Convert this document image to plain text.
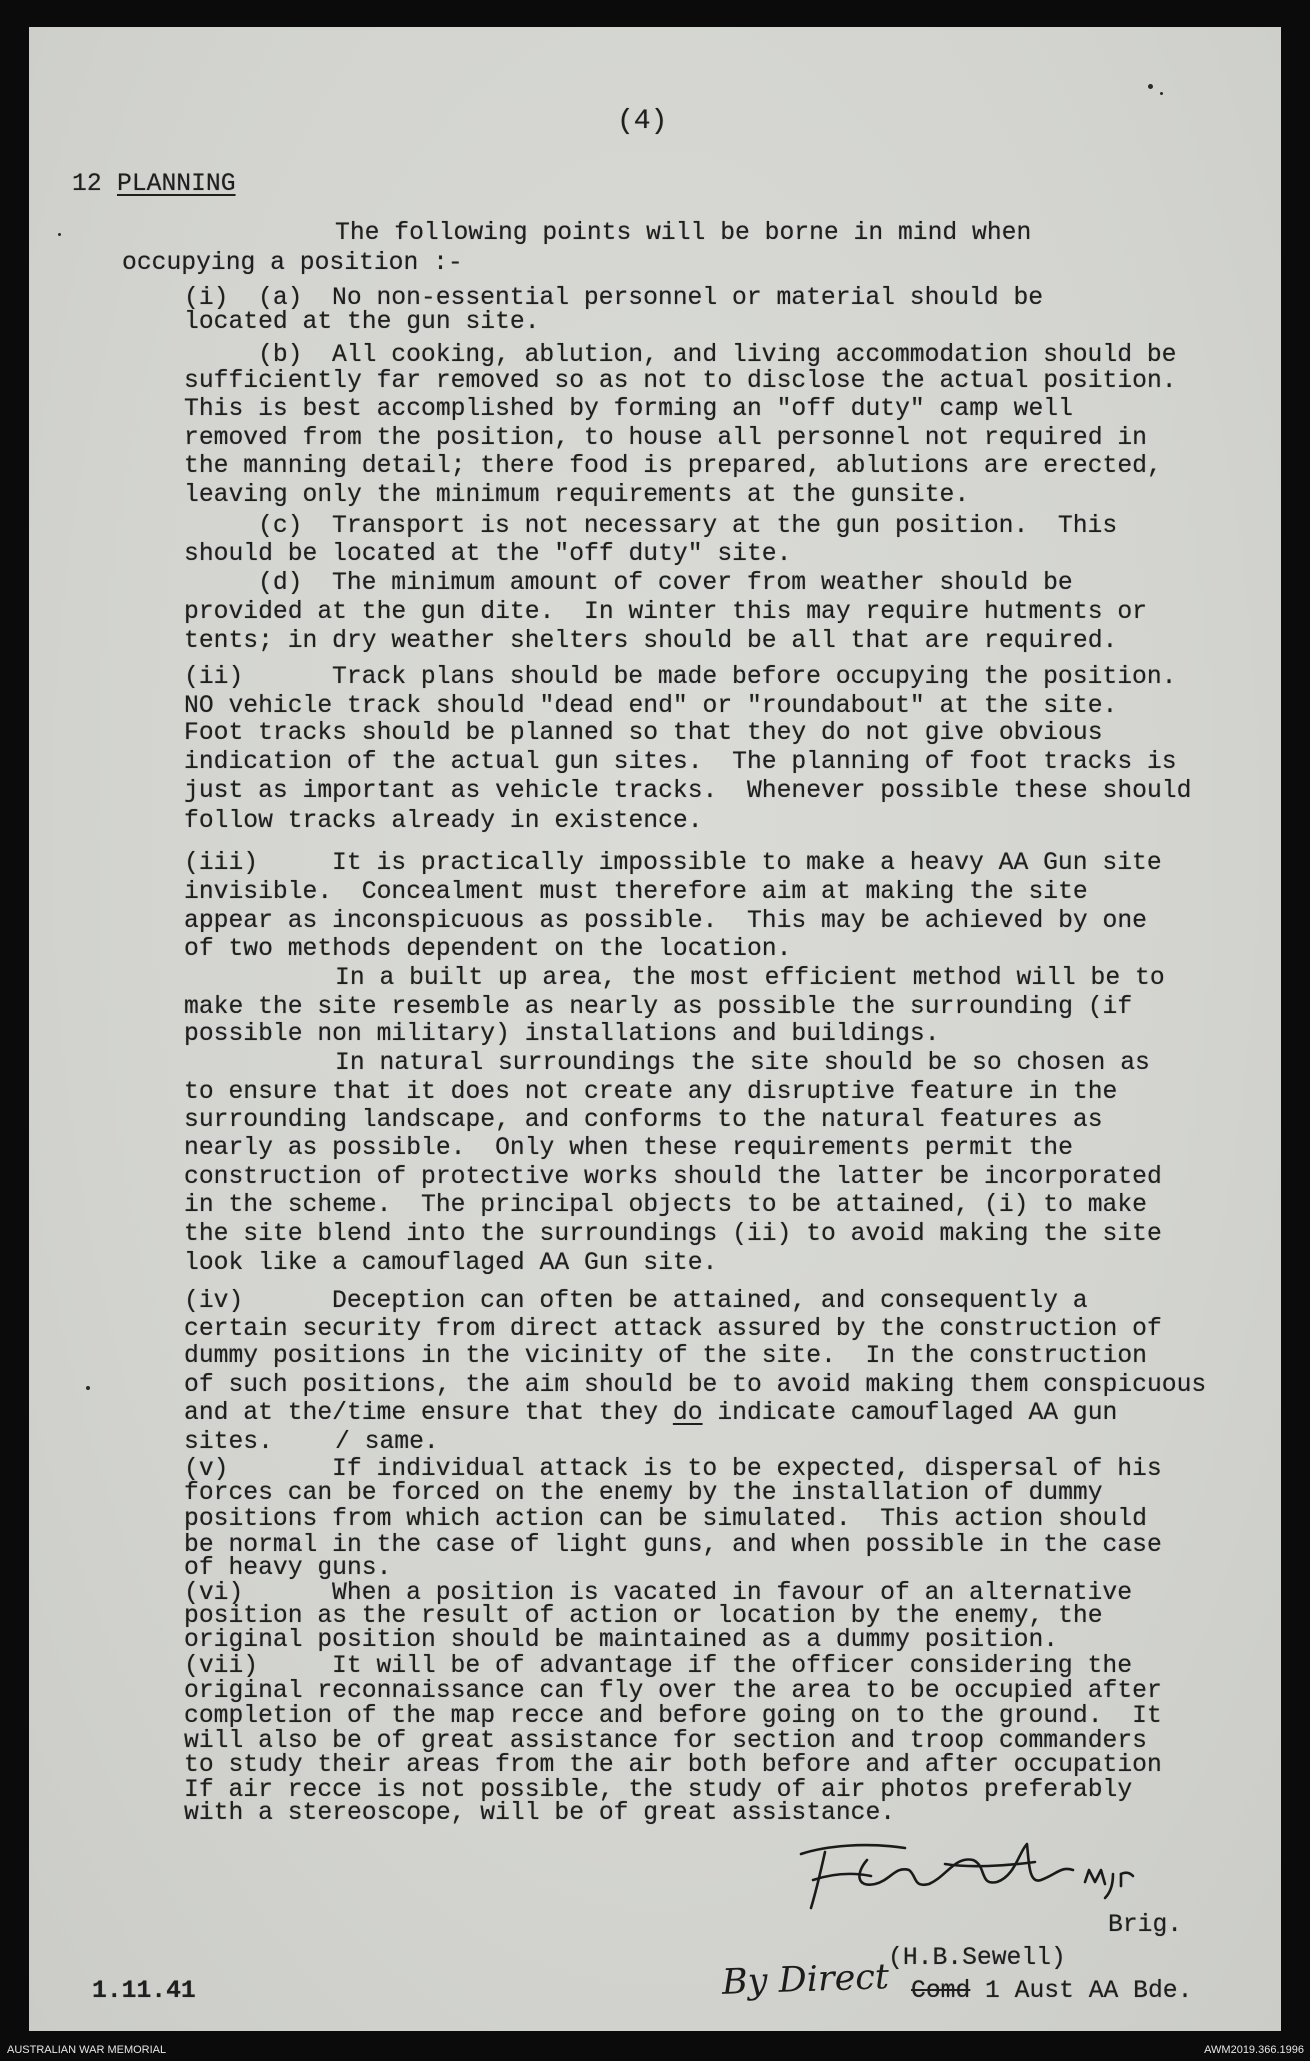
(4)
12 PLANNING
The following points will be borne in mind when
occupying a position :-
(i) (a) No non-essential personnel or material should be
located at the gun site.
(b) All cooking, ablution, and living accommodation should be
sufficiently far removed so as not to disclose the actual position.
This is best accomplished by forming an "off duty" camp well
removed from the position, to house all personnel not required in
the manning detail; there food is prepared, ablutions are erected,
leaving only the minimum requirements at the gunsite.
(c) Transport is not necessary at the gun position.  This
should be located at the "off duty" site.
(d) The minimum amount of cover from weather should be
provided at the gun dite.  In winter this may require hutments or
tents; in dry weather shelters should be all that are required.
(ii)	Track plans should be made before occupying the position.
NO vehicle track should "dead end" or "roundabout" at the site.
Foot tracks should be planned so that they do not give obvious
indication of the actual gun sites.  The planning of foot tracks is
just as important as vehicle tracks.  Whenever possible these should
follow tracks already in existence.
(iii)	It is practically impossible to make a heavy AA Gun site
invisible.  Concealment must therefore aim at making the site
appear as inconspicuous as possible.  This may be achieved by one
of two methods dependent on the location.
In a built up area, the most efficient method will be to
make the site resemble as nearly as possible the surrounding (if
possible non military) installations and buildings.
In natural surroundings the site should be so chosen as
to ensure that it does not create any disruptive feature in the
surrounding landscape, and conforms to the natural features as
nearly as possible.  Only when these requirements permit the
construction of protective works should the latter be incorporated
in the scheme.  The principal objects to be attained, (i) to make
the site blend into the surroundings (ii) to avoid making the site
look like a camouflaged AA Gun site.
(iv)	Deception can often be attained, and consequently a
certain security from direct attack assured by the construction of
dummy positions in the vicinity of the site.  In the construction
of such positions, the aim should be to avoid making them conspicuous
and at the/time ensure that they do indicate camouflaged AA gun
sites.	/ same.
(v)	If individual attack is to be expected, dispersal of his
forces can be forced on the enemy by the installation of dummy
positions from which action can be simulated.  This action should
be normal in the case of light guns, and when possible in the case
of heavy guns.
(vi)	When a position is vacated in favour of an alternative
position as the result of action or location by the enemy, the
original position should be maintained as a dummy position.
(vii)	It will be of advantage if the officer considering the
original reconnaissance can fly over the area to be occupied after
completion of the map recce and before going on to the ground.  It
will also be of great assistance for section and troop commanders
to study their areas from the air both before and after occupation
If air recce is not possible, the study of air photos preferably
with a stereoscope, will be of great assistance.
Brig.
(H.B.Sewell)
By Direct Comd 1 Aust AA Bde.
1.11.41
AUSTRALIAN WAR MEMORIAL	AWM2019.366.1996
